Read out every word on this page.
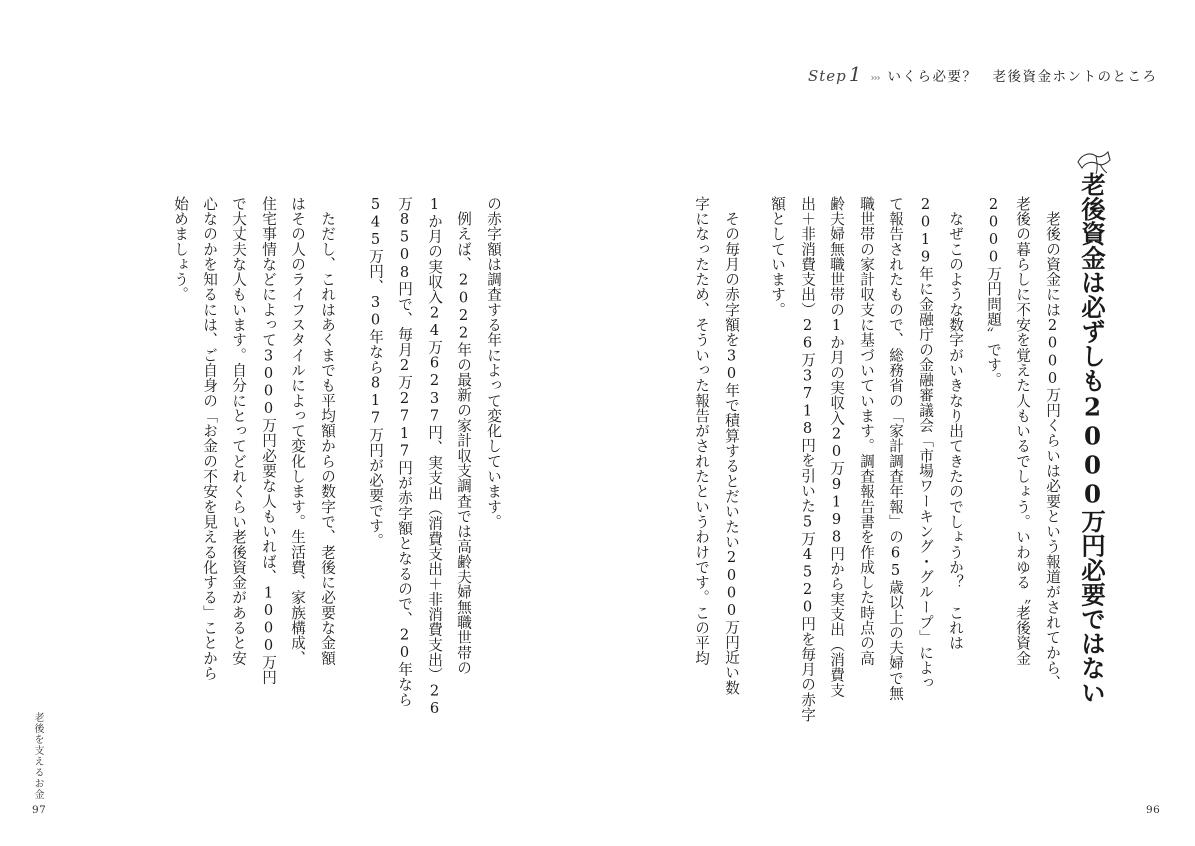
Step 1 ››› いくら必要？　老後資金ホントのところ
老後資金は必ずしも2000万円必要ではない
　老後の資金には2000万円くらいは必要という報道がされてから、
老後の暮らしに不安を覚えた人もいるでしょう。いわゆる〝老後資金
2000万円問題〟です。
　なぜこのような数字がいきなり出てきたのでしょうか？　これは
2019年に金融庁の金融審議会「市場ワーキング・グループ」によっ
て報告されたもので、総務省の「家計調査年報」の65歳以上の夫婦で無
職世帯の家計収支に基づいています。調査報告書を作成した時点の高
齢夫婦無職世帯の1か月の実収入20万9198円から実支出（消費支
出＋非消費支出）26万3718円を引いた5万4520円を毎月の赤字
額としています。
　その毎月の赤字額を30年で積算するとだいたい2000万円近い数
字になったため、そういった報告がされたというわけです。この平均
の赤字額は調査する年によって変化しています。
　例えば、2022年の最新の家計収支調査では高齢夫婦無職世帯の
1か月の実収入24万6237円、実支出（消費支出＋非消費支出）26
万8508円で、毎月2万2717円が赤字額となるので、20年なら
545万円、30年なら817万円が必要です。
　ただし、これはあくまでも平均額からの数字で、老後に必要な金額
はその人のライフスタイルによって変化します。生活費、家族構成、
住宅事情などによって3000万円必要な人もいれば、1000万円
で大丈夫な人もいます。自分にとってどれくらい老後資金があると安
心なのかを知るには、ご自身の「お金の不安を見える化する」ことから
始めましょう。
老後を支えるお金
97	96
